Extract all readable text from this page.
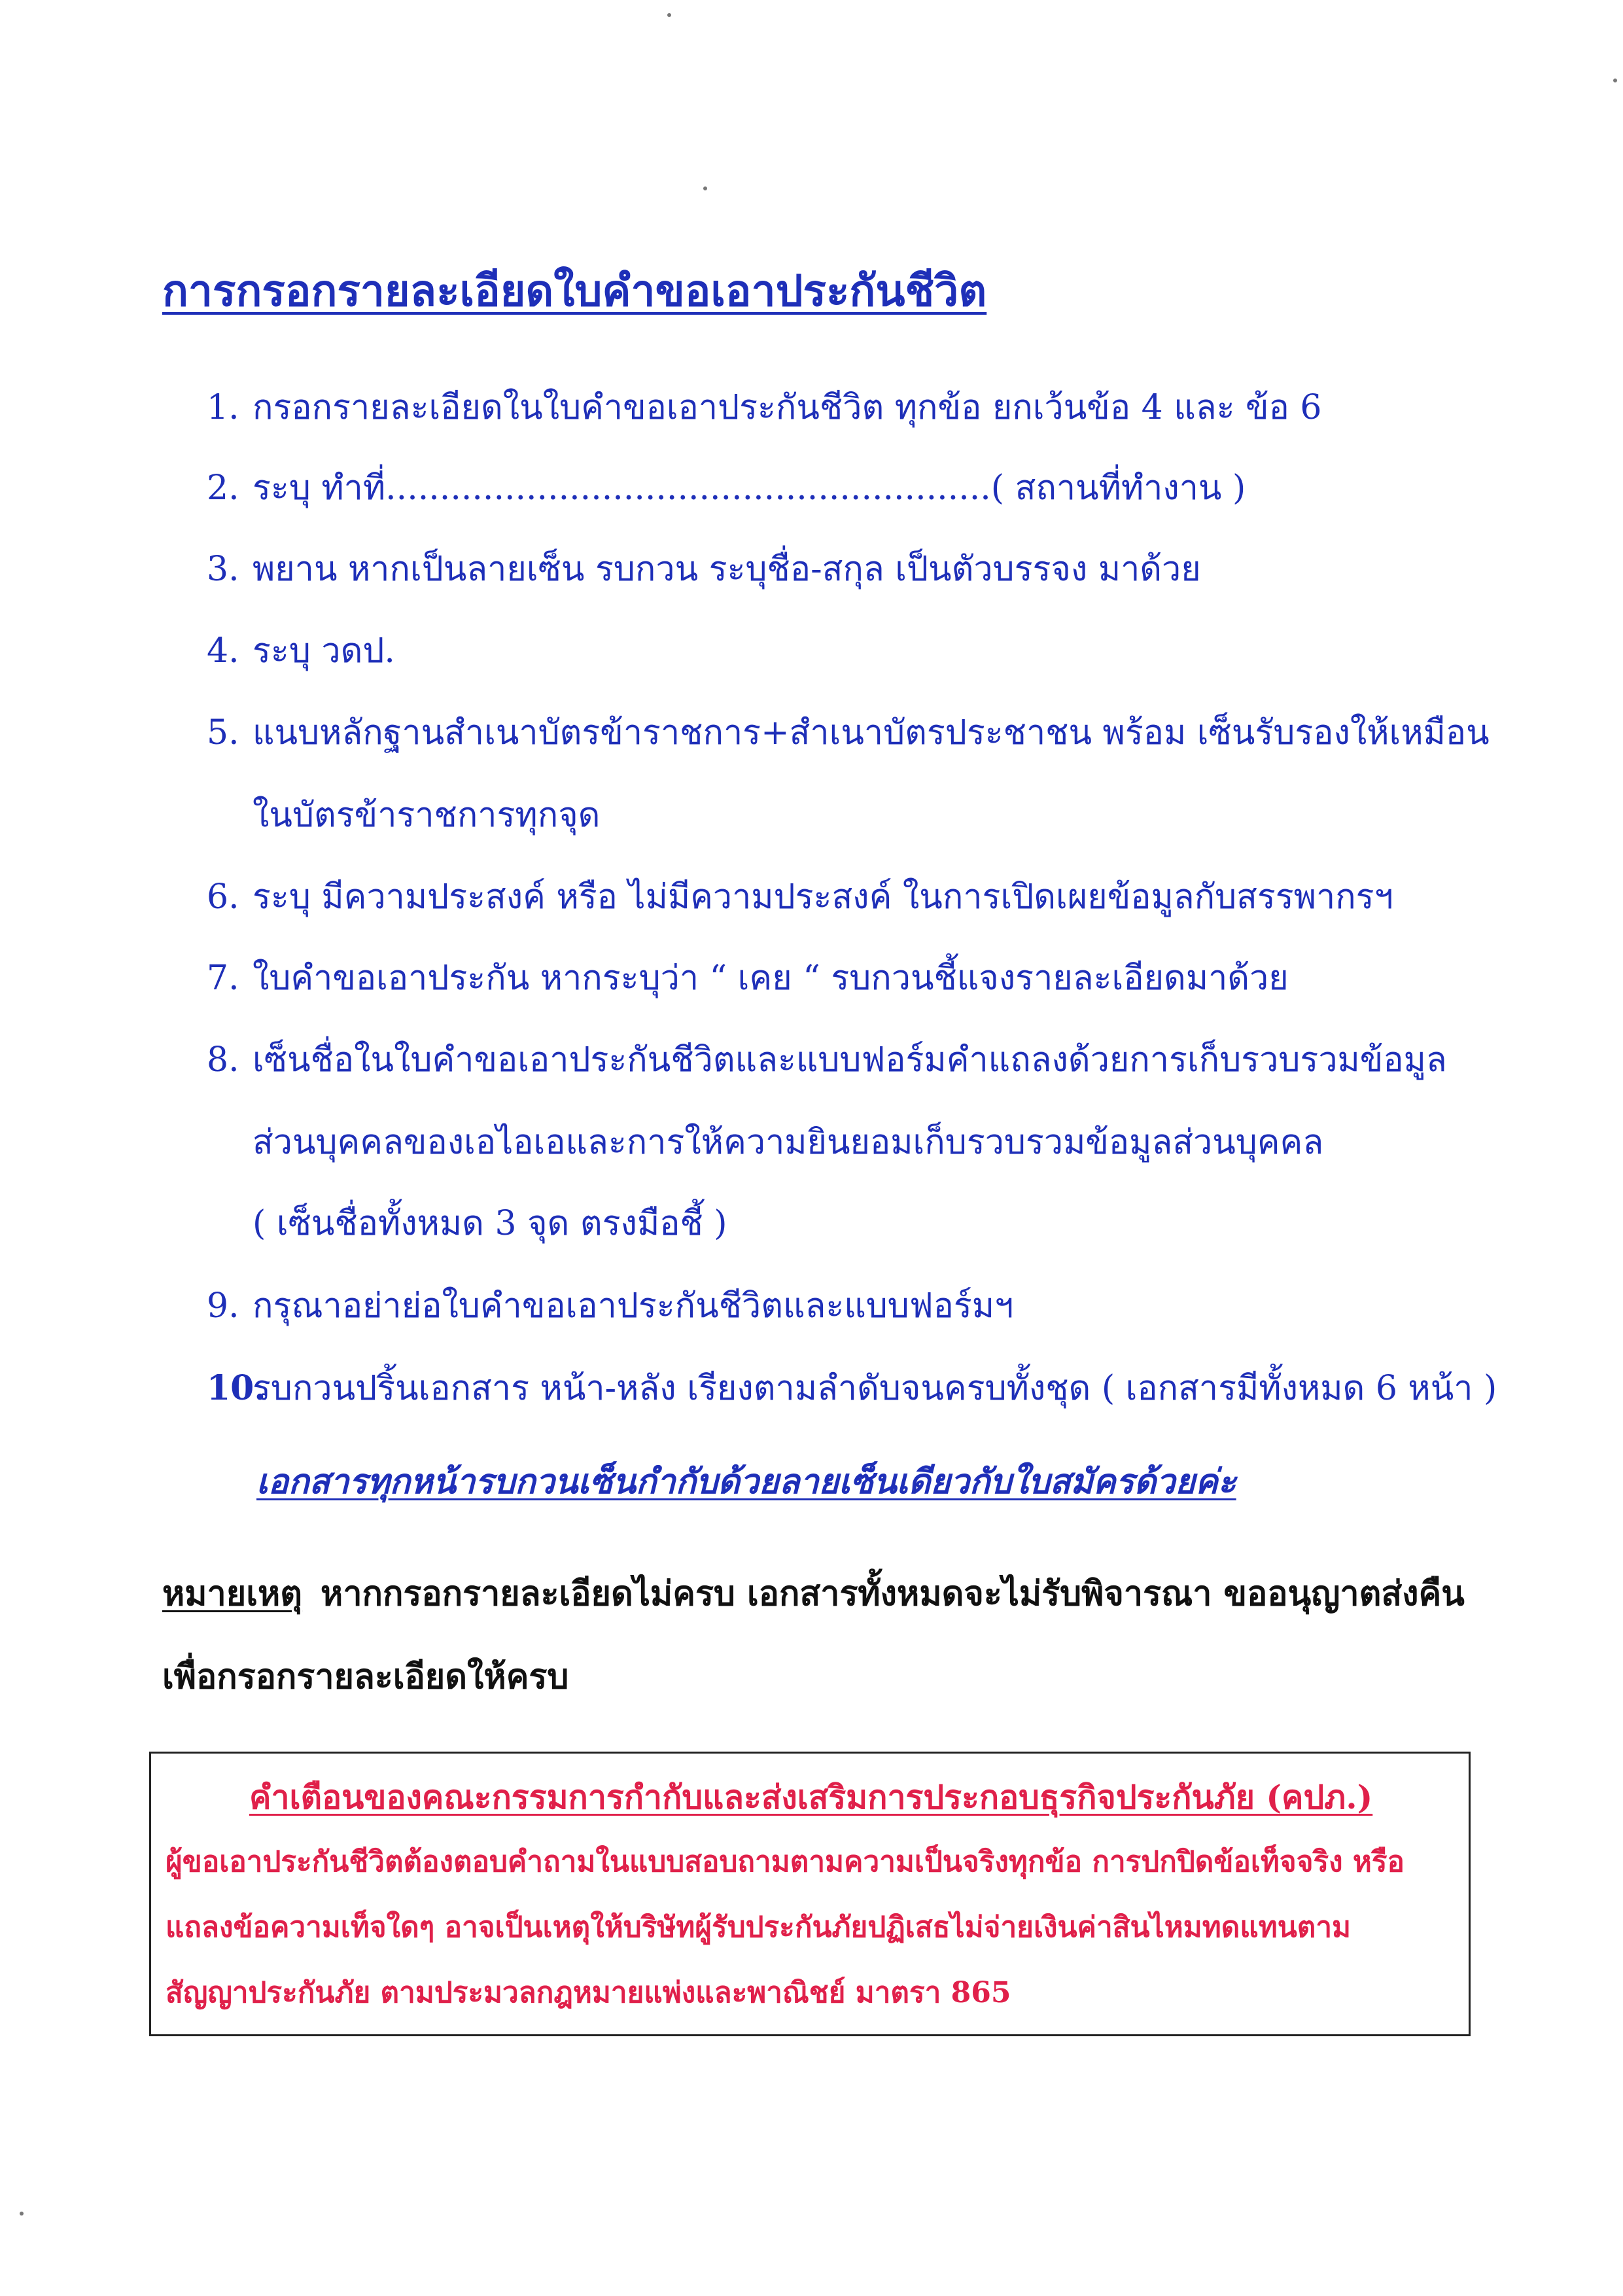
การกรอกรายละเอียดใบคำขอเอาประกันชีวิต
1. กรอกรายละเอียดในใบคำขอเอาประกันชีวิต ทุกข้อ ยกเว้นข้อ 4 และ ข้อ 6
2. ระบุ ทำที่........................................................( สถานที่ทำงาน )
3. พยาน หากเป็นลายเซ็น รบกวน ระบุชื่อ-สกุล เป็นตัวบรรจง มาด้วย
4. ระบุ วดป.
5. แนบหลักฐานสำเนาบัตรข้าราชการ+สำเนาบัตรประชาชน พร้อม เซ็นรับรองให้เหมือน
ในบัตรข้าราชการทุกจุด
6. ระบุ มีความประสงค์ หรือ ไม่มีความประสงค์ ในการเปิดเผยข้อมูลกับสรรพากรฯ
7. ใบคำขอเอาประกัน หากระบุว่า “ เคย “ รบกวนชี้แจงรายละเอียดมาด้วย
8. เซ็นชื่อในใบคำขอเอาประกันชีวิตและแบบฟอร์มคำแถลงด้วยการเก็บรวบรวมข้อมูล
ส่วนบุคคลของเอไอเอและการให้ความยินยอมเก็บรวบรวมข้อมูลส่วนบุคคล
( เซ็นชื่อทั้งหมด 3 จุด ตรงมือชี้ )
9. กรุณาอย่าย่อใบคำขอเอาประกันชีวิตและแบบฟอร์มฯ
10.รบกวนปริ้นเอกสาร หน้า-หลัง เรียงตามลำดับจนครบทั้งชุด ( เอกสารมีทั้งหมด 6 หน้า )
เอกสารทุกหน้ารบกวนเซ็นกำกับด้วยลายเซ็นเดียวกับใบสมัครด้วยค่ะ
หมายเหตุ หากกรอกรายละเอียดไม่ครบ เอกสารทั้งหมดจะไม่รับพิจารณา ขออนุญาตส่งคืน
เพื่อกรอกรายละเอียดให้ครบ
คำเตือนของคณะกรรมการกำกับและส่งเสริมการประกอบธุรกิจประกันภัย (คปภ.)
ผู้ขอเอาประกันชีวิตต้องตอบคำถามในแบบสอบถามตามความเป็นจริงทุกข้อ การปกปิดข้อเท็จจริง หรือ
แถลงข้อความเท็จใดๆ อาจเป็นเหตุให้บริษัทผู้รับประกันภัยปฏิเสธไม่จ่ายเงินค่าสินไหมทดแทนตาม
สัญญาประกันภัย ตามประมวลกฎหมายแพ่งและพาณิชย์ มาตรา 865
